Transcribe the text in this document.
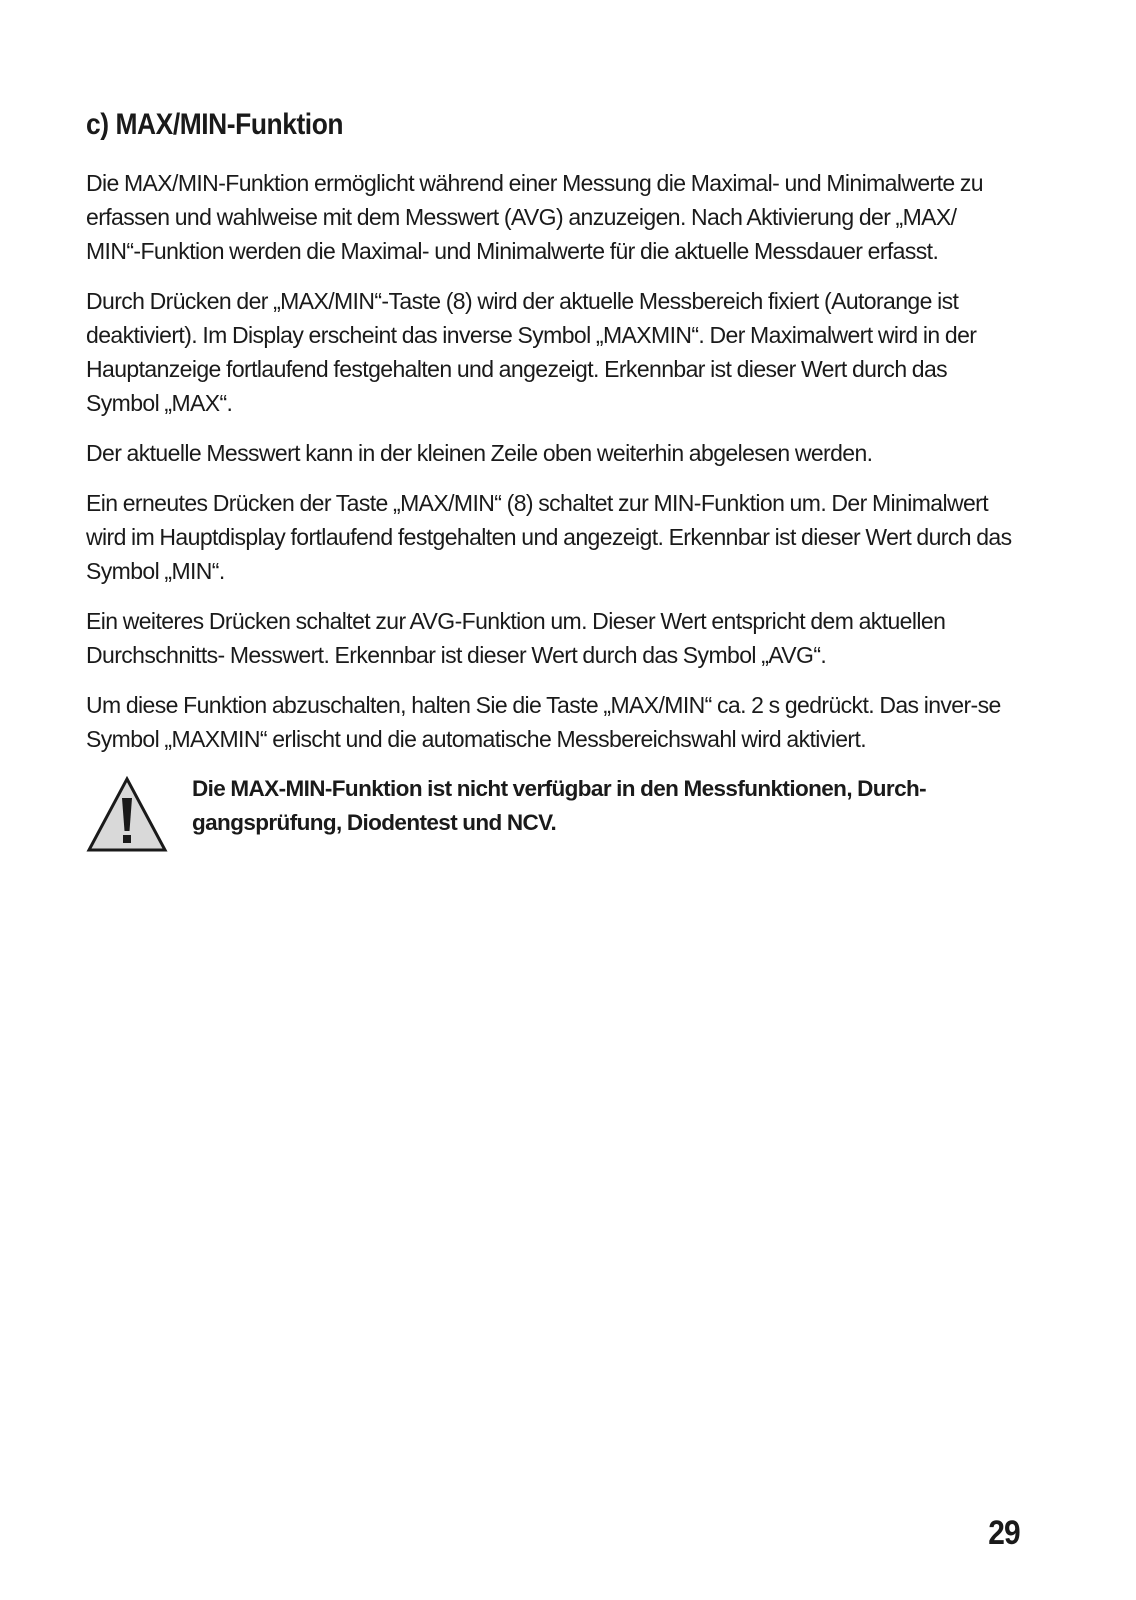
c) MAX/MIN-Funktion

Die MAX/MIN-Funktion ermöglicht während einer Messung die Maximal- und Minimalwerte zu erfassen und wahlweise mit dem Messwert (AVG) anzuzeigen. Nach Aktivierung der „MAX/ MIN“-Funktion werden die Maximal- und Minimalwerte für die aktuelle Messdauer erfasst.

Durch Drücken der „MAX/MIN“-Taste (8) wird der aktuelle Messbereich fixiert (Autorange ist deaktiviert). Im Display erscheint das inverse Symbol „MAXMIN“. Der Maximalwert wird in der Hauptanzeige fortlaufend festgehalten und angezeigt. Erkennbar ist dieser Wert durch das Symbol „MAX“.

Der aktuelle Messwert kann in der kleinen Zeile oben weiterhin abgelesen werden.

Ein erneutes Drücken der Taste „MAX/MIN“ (8) schaltet zur MIN-Funktion um. Der Minimalwert wird im Hauptdisplay fortlaufend festgehalten und angezeigt. Erkennbar ist dieser Wert durch das Symbol „MIN“.

Ein weiteres Drücken schaltet zur AVG-Funktion um. Dieser Wert entspricht dem aktuellen Durchschnitts- Messwert. Erkennbar ist dieser Wert durch das Symbol „AVG“.

Um diese Funktion abzuschalten, halten Sie die Taste „MAX/MIN“ ca. 2 s gedrückt. Das inver-se Symbol „MAXMIN“ erlischt und die automatische Messbereichswahl wird aktiviert.

Die MAX-MIN-Funktion ist nicht verfügbar in den Messfunktionen, Durch-gangsprüfung, Diodentest und NCV.

29
